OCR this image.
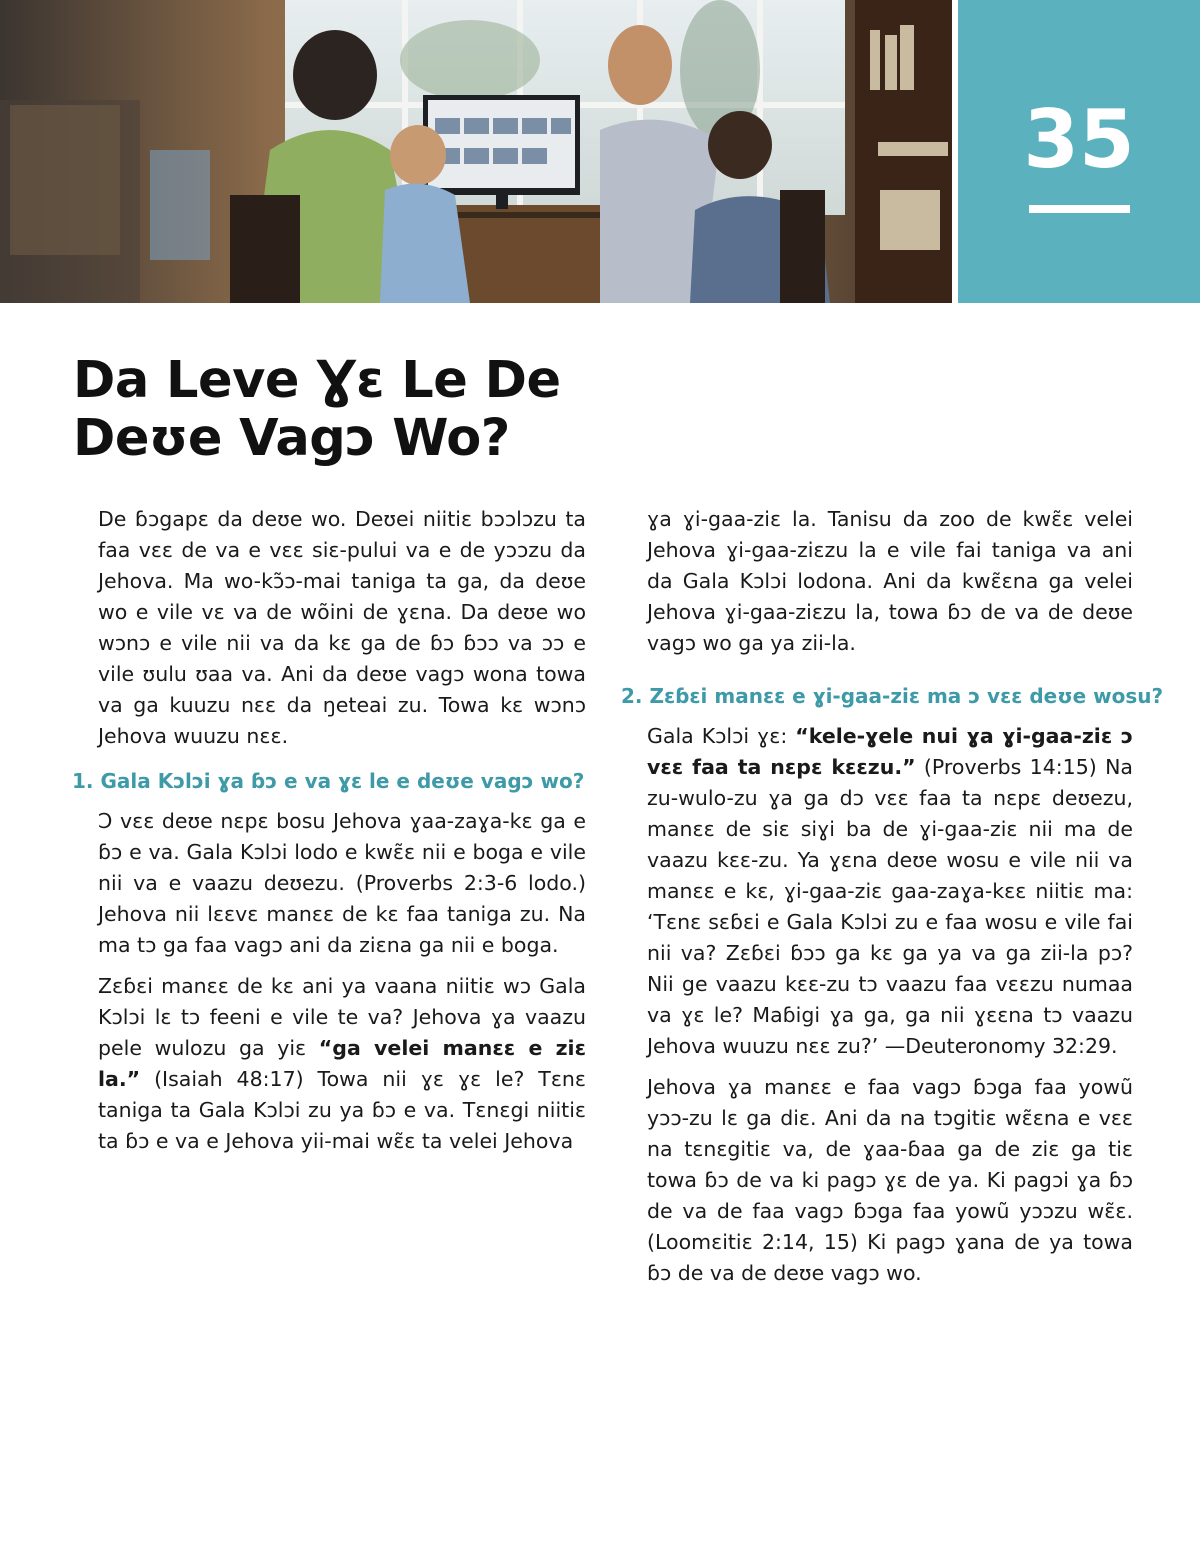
35
Da Leve Ɣɛ Le De
Deʊe Vagɔ Wo?

De ɓɔgapɛ da deʊe wo. Deʊei niitiɛ bɔɔlɔzu ta faa vɛɛ de va e vɛɛ siɛ-pului va e de yɔɔzu da Jehova. Ma wo-kɔ̃ɔ-mai taniga ta ga, da deʊe wo e vile vɛ va de wõini de ɣɛna. Da deʊe wo wɔnɔ e vile nii va da kɛ ga de ɓɔ ɓɔɔ va ɔɔ e vile ʊulu ʊaa va. Ani da deʊe vagɔ wona towa va ga kuuzu nɛɛ da ŋeteai zu. Towa kɛ wɔnɔ Jehova wuuzu nɛɛ.

1. Gala Kɔlɔi ɣa ɓɔ e va ɣɛ le e deʊe vagɔ wo?

Ɔ vɛɛ deʊe nɛpɛ bosu Jehova ɣaa-zaɣa-kɛ ga e ɓɔ e va. Gala Kɔlɔi lodo e kwɛ̃ɛ nii e boga e vile nii va e vaazu deʊezu. (Proverbs 2:3-6 lodo.) Jehova nii lɛɛvɛ manɛɛ de kɛ faa taniga zu. Na ma tɔ ga faa vagɔ ani da ziɛna ga nii e boga.

Zɛɓɛi manɛɛ de kɛ ani ya vaana niitiɛ wɔ Gala Kɔlɔi lɛ tɔ feeni e vile te va? Jehova ɣa vaazu pele wulozu ga yiɛ “ga velei manɛɛ e ziɛ la.” (Isaiah 48:17) Towa nii ɣɛ ɣɛ le? Tɛnɛ taniga ta Gala Kɔlɔi zu ya ɓɔ e va. Tɛnɛgi niitiɛ ta ɓɔ e va e Jehova yii-mai wɛ̃ɛ ta velei Jehova

ɣa ɣi-gaa-ziɛ la. Tanisu da zoo de kwɛ̃ɛ velei Jehova ɣi-gaa-ziɛzu la e vile fai taniga va ani da Gala Kɔlɔi lodona. Ani da kwɛ̃ɛna ga velei Jehova ɣi-gaa-ziɛzu la, towa ɓɔ de va de deʊe vagɔ wo ga ya zii-la.

2. Zɛɓɛi manɛɛ e ɣi-gaa-ziɛ ma ɔ vɛɛ deʊe wosu?

Gala Kɔlɔi ɣɛ: “kele-ɣele nui ɣa ɣi-gaa-ziɛ ɔ vɛɛ faa ta nɛpɛ kɛɛzu.” (Proverbs 14:15) Na zu-wulo-zu ɣa ga dɔ vɛɛ faa ta nɛpɛ deʊezu, manɛɛ de siɛ siɣi ba de ɣi-gaa-ziɛ nii ma de vaazu kɛɛ-zu. Ya ɣɛna deʊe wosu e vile nii va manɛɛ e kɛ, ɣi-gaa-ziɛ gaa-zaɣa-kɛɛ niitiɛ ma: ‘Tɛnɛ sɛɓɛi e Gala Kɔlɔi zu e faa wosu e vile fai nii va? Zɛɓɛi ɓɔɔ ga kɛ ga ya va ga zii-la pɔ? Nii ge vaazu kɛɛ-zu tɔ vaazu faa vɛɛzu numaa va ɣɛ le? Maɓigi ɣa ga, ga nii ɣɛɛna tɔ vaazu Jehova wuuzu nɛɛ zu?’ —Deuteronomy 32:29.

Jehova ɣa manɛɛ e faa vagɔ ɓɔga faa yowũ yɔɔ-zu lɛ ga diɛ. Ani da na tɔgitiɛ wɛ̃ɛna e vɛɛ na tɛnɛgitiɛ va, de ɣaa-ɓaa ga de ziɛ ga tiɛ towa ɓɔ de va ki pagɔ ɣɛ de ya. Ki pagɔi ɣa ɓɔ de va de faa vagɔ ɓɔga faa yowũ yɔɔzu wɛ̃ɛ. (Loomɛitiɛ 2:14, 15) Ki pagɔ ɣana de ya towa ɓɔ de va de deʊe vagɔ wo.
